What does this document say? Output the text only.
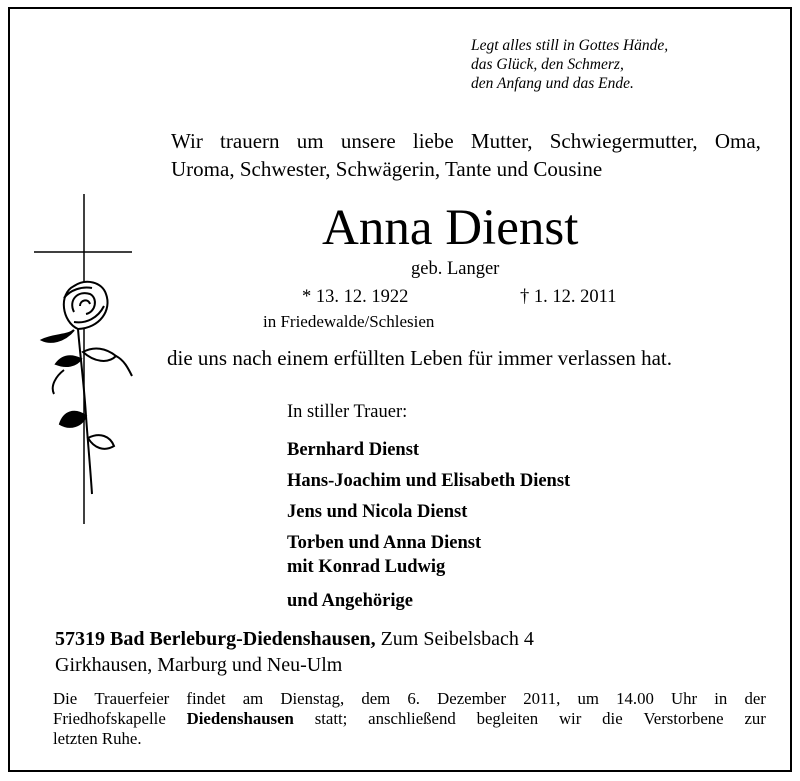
Legt alles still in Gottes Hände,
das Glück, den Schmerz,
den Anfang und das Ende.
Wir trauern um unsere liebe Mutter, Schwiegermutter, Oma,
Uroma, Schwester, Schwägerin, Tante und Cousine
Anna Dienst
geb. Langer
* 13. 12. 1922	† 1. 12. 2011
in Friedewalde/Schlesien
die uns nach einem erfüllten Leben für immer verlassen hat.
In stiller Trauer:
Bernhard Dienst
Hans-Joachim und Elisabeth Dienst
Jens und Nicola Dienst
Torben und Anna Dienst
mit Konrad Ludwig
und Angehörige
57319 Bad Berleburg-Diedenshausen, Zum Seibelsbach 4
Girkhausen, Marburg und Neu-Ulm
Die Trauerfeier findet am Dienstag, dem 6. Dezember 2011, um 14.00 Uhr in der
Friedhofskapelle Diedenshausen statt; anschließend begleiten wir die Verstorbene zur
letzten Ruhe.
